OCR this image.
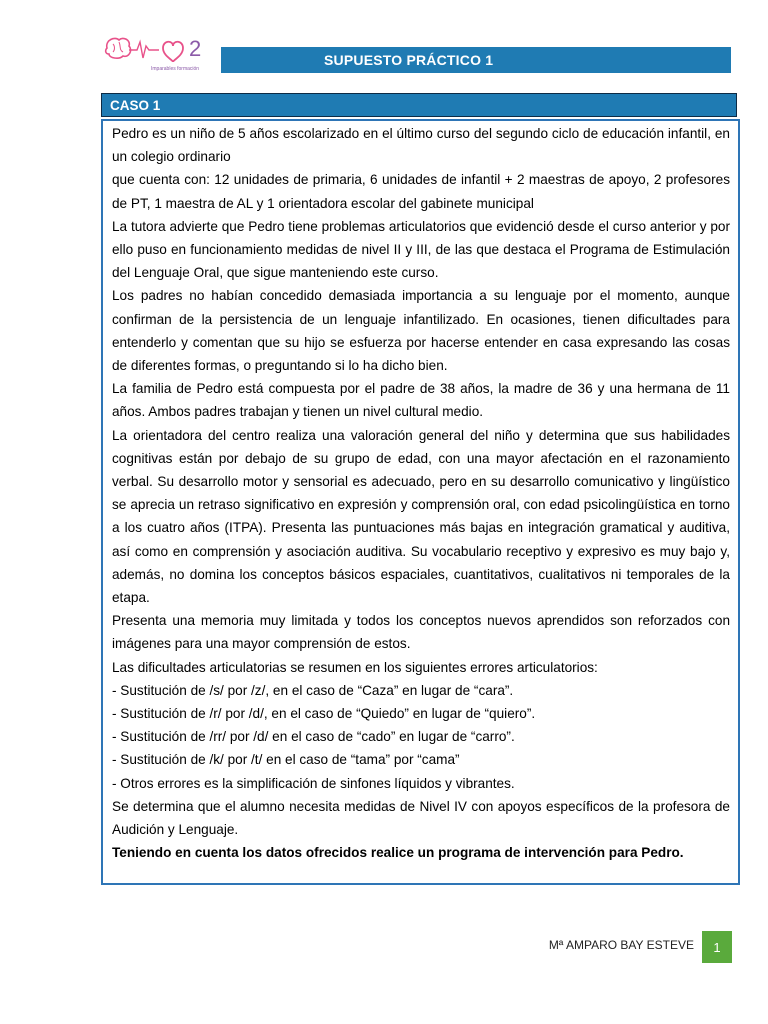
2
Imparables formación
SUPUESTO PRÁCTICO 1
CASO 1

Pedro es un niño de 5 años escolarizado en el último curso del segundo ciclo de educación infantil, en un colegio ordinario

que cuenta con: 12 unidades de primaria, 6 unidades de infantil + 2 maestras de apoyo, 2 profesores de PT, 1 maestra de AL y 1 orientadora escolar del gabinete municipal

La tutora advierte que Pedro tiene problemas articulatorios que evidenció desde el curso anterior y por ello puso en funcionamiento medidas de nivel II y III, de las que destaca el Programa de Estimulación del Lenguaje Oral, que sigue manteniendo este curso.

Los padres no habían concedido demasiada importancia a su lenguaje por el momento, aunque confirman de la persistencia de un lenguaje infantilizado. En ocasiones, tienen dificultades para entenderlo y comentan que su hijo se esfuerza por hacerse entender en casa expresando las cosas de diferentes formas, o preguntando si lo ha dicho bien.

La familia de Pedro está compuesta por el padre de 38 años, la madre de 36 y una hermana de 11 años. Ambos padres trabajan y tienen un nivel cultural medio.

La orientadora del centro realiza una valoración general del niño y determina que sus habilidades cognitivas están por debajo de su grupo de edad, con una mayor afectación en el razonamiento verbal. Su desarrollo motor y sensorial es adecuado, pero en su desarrollo comunicativo y lingüístico se aprecia un retraso significativo en expresión y comprensión oral, con edad psicolingüística en torno a los cuatro años (ITPA). Presenta las puntuaciones más bajas en integración gramatical y auditiva, así como en comprensión y asociación auditiva. Su vocabulario receptivo y expresivo es muy bajo y, además, no domina los conceptos básicos espaciales, cuantitativos, cualitativos ni temporales de la etapa.

Presenta una memoria muy limitada y todos los conceptos nuevos aprendidos son reforzados con imágenes para una mayor comprensión de estos.

Las dificultades articulatorias se resumen en los siguientes errores articulatorios:

- Sustitución de /s/ por /z/, en el caso de “Caza” en lugar de “cara”.

- Sustitución de /r/ por /d/, en el caso de “Quiedo” en lugar de “quiero”.

- Sustitución de /rr/ por /d/ en el caso de “cado” en lugar de “carro”.

- Sustitución de /k/ por /t/ en el caso de “tama” por “cama”

- Otros errores es la simplificación de sinfones líquidos y vibrantes.

Se determina que el alumno necesita medidas de Nivel IV con apoyos específicos de la profesora de Audición y Lenguaje.

Teniendo en cuenta los datos ofrecidos realice un programa de intervención para Pedro.

Mª AMPARO BAY ESTEVE	1
